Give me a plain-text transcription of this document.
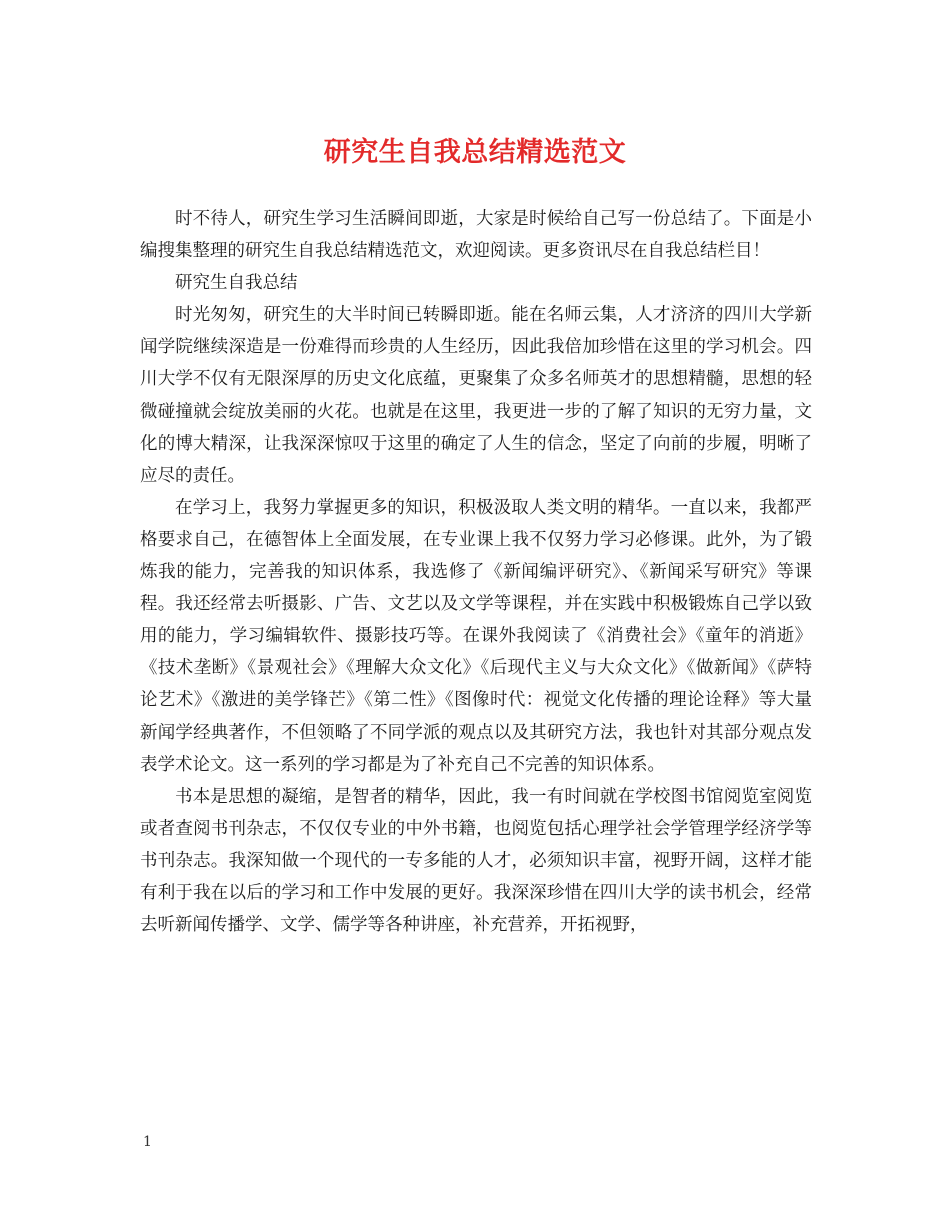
研究生自我总结精选范文

时不待人，研究生学习生活瞬间即逝，大家是时候给自己写一份总结了。下面是小编搜集整理的研究生自我总结精选范文，欢迎阅读。更多资讯尽在自我总结栏目！

研究生自我总结

时光匆匆，研究生的大半时间已转瞬即逝。能在名师云集，人才济济的四川大学新闻学院继续深造是一份难得而珍贵的人生经历，因此我倍加珍惜在这里的学习机会。四川大学不仅有无限深厚的历史文化底蕴，更聚集了众多名师英才的思想精髓，思想的轻微碰撞就会绽放美丽的火花。也就是在这里，我更进一步的了解了知识的无穷力量，文化的博大精深，让我深深惊叹于这里的确定了人生的信念，坚定了向前的步履，明晰了应尽的责任。

在学习上，我努力掌握更多的知识，积极汲取人类文明的精华。一直以来，我都严格要求自己，在德智体上全面发展，在专业课上我不仅努力学习必修课。此外，为了锻炼我的能力，完善我的知识体系，我选修了《新闻编评研究》、《新闻采写研究》等课程。我还经常去听摄影、广告、文艺以及文学等课程，并在实践中积极锻炼自己学以致用的能力，学习编辑软件、摄影技巧等。在课外我阅读了《消费社会》《童年的消逝》《技术垄断》《景观社会》《理解大众文化》《后现代主义与大众文化》《做新闻》《萨特论艺术》《激进的美学锋芒》《第二性》《图像时代：视觉文化传播的理论诠释》等大量新闻学经典著作，不但领略了不同学派的观点以及其研究方法，我也针对其部分观点发表学术论文。这一系列的学习都是为了补充自己不完善的知识体系。

书本是思想的凝缩，是智者的精华，因此，我一有时间就在学校图书馆阅览室阅览或者查阅书刊杂志，不仅仅专业的中外书籍，也阅览包括心理学社会学管理学经济学等书刊杂志。我深知做一个现代的一专多能的人才，必须知识丰富，视野开阔，这样才能有利于我在以后的学习和工作中发展的更好。我深深珍惜在四川大学的读书机会，经常去听新闻传播学、文学、儒学等各种讲座，补充营养，开拓视野，

1
